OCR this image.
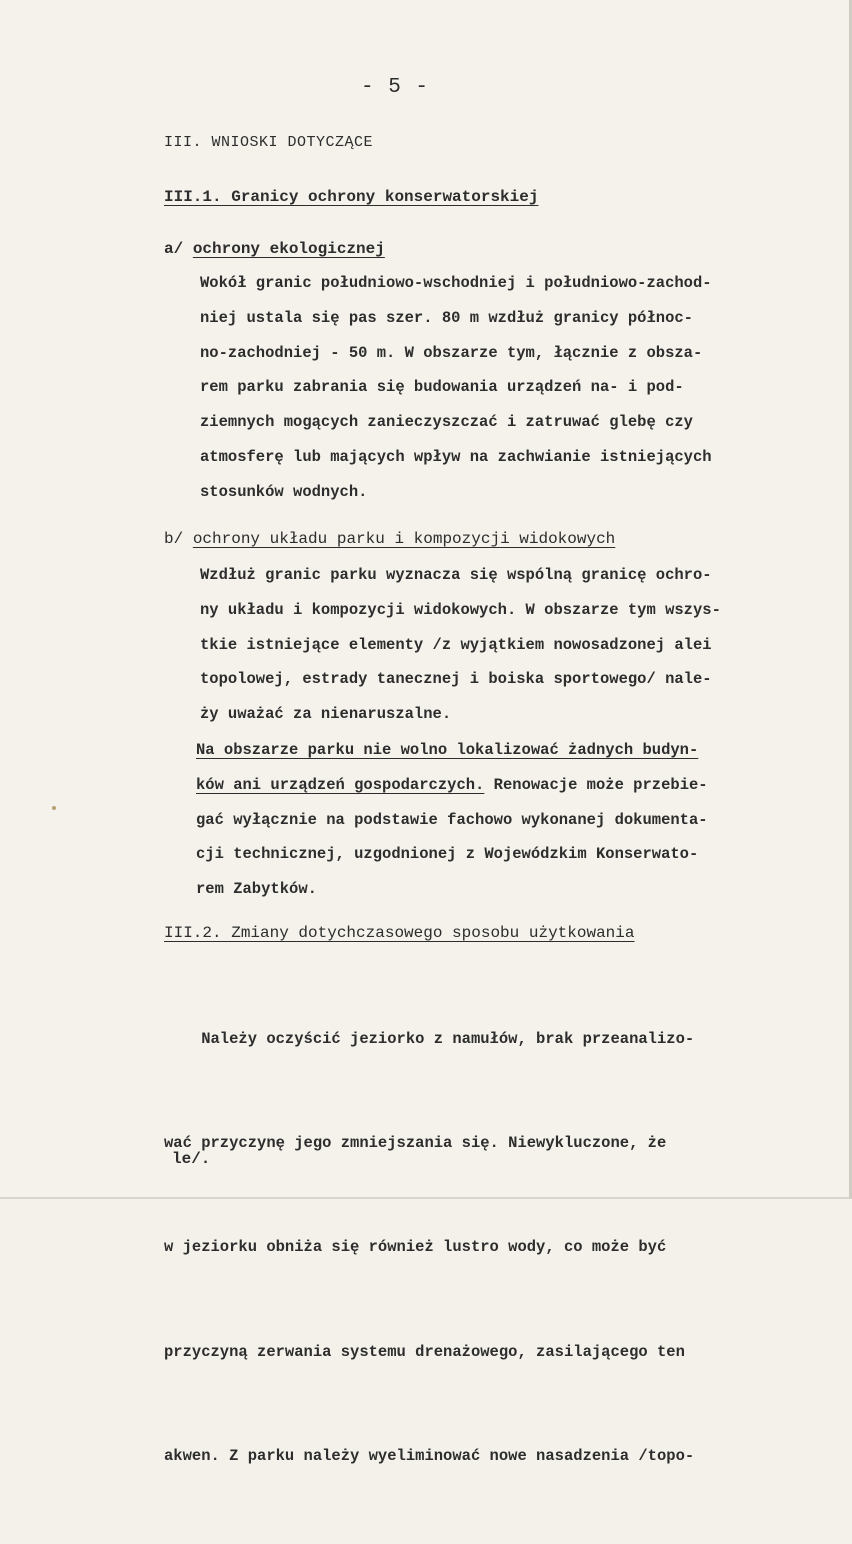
- 5 -
III. WNIOSKI DOTYCZĄCE
III.1. Granicy ochrony konserwatorskiej
a/ ochrony ekologicznej
Wokół granic południowo-wschodniej i południowo-zachod-
niej ustala się pas szer. 80 m wzdłuż granicy północ-
no-zachodniej - 50 m. W obszarze tym, łącznie z obsza-
rem parku zabrania się budowania urządzeń na- i pod-
ziemnych mogących zanieczyszczać i zatruwać glebę czy
atmosferę lub mających wpływ na zachwianie istniejących
stosunków wodnych.
b/ ochrony układu parku i kompozycji widokowych
Wzdłuż granic parku wyznacza się wspólną granicę ochro-
ny układu i kompozycji widokowych. W obszarze tym wszys-
tkie istniejące elementy /z wyjątkiem nowosadzonej alei
topolowej, estrady tanecznej i boiska sportowego/ nale-
ży uważać za nienaruszalne.
Na obszarze parku nie wolno lokalizować żadnych budyn-
ków ani urządzeń gospodarczych. Renowacje może przebie-
gać wyłącznie na podstawie fachowo wykonanej dokumenta-
cji technicznej, uzgodnionej z Wojewódzkim Konserwato-
rem Zabytków.
III.2. Zmiany dotychczasowego sposobu użytkowania

Należy oczyścić jeziorko z namułów, brak przeanalizo-

wać przyczynę jego zmniejszania się. Niewykluczone, że

w jeziorku obniża się również lustro wody, co może być

przyczyną zerwania systemu drenażowego, zasilającego ten

akwen. Z parku należy wyeliminować nowe nasadzenia /topo-

le/.
